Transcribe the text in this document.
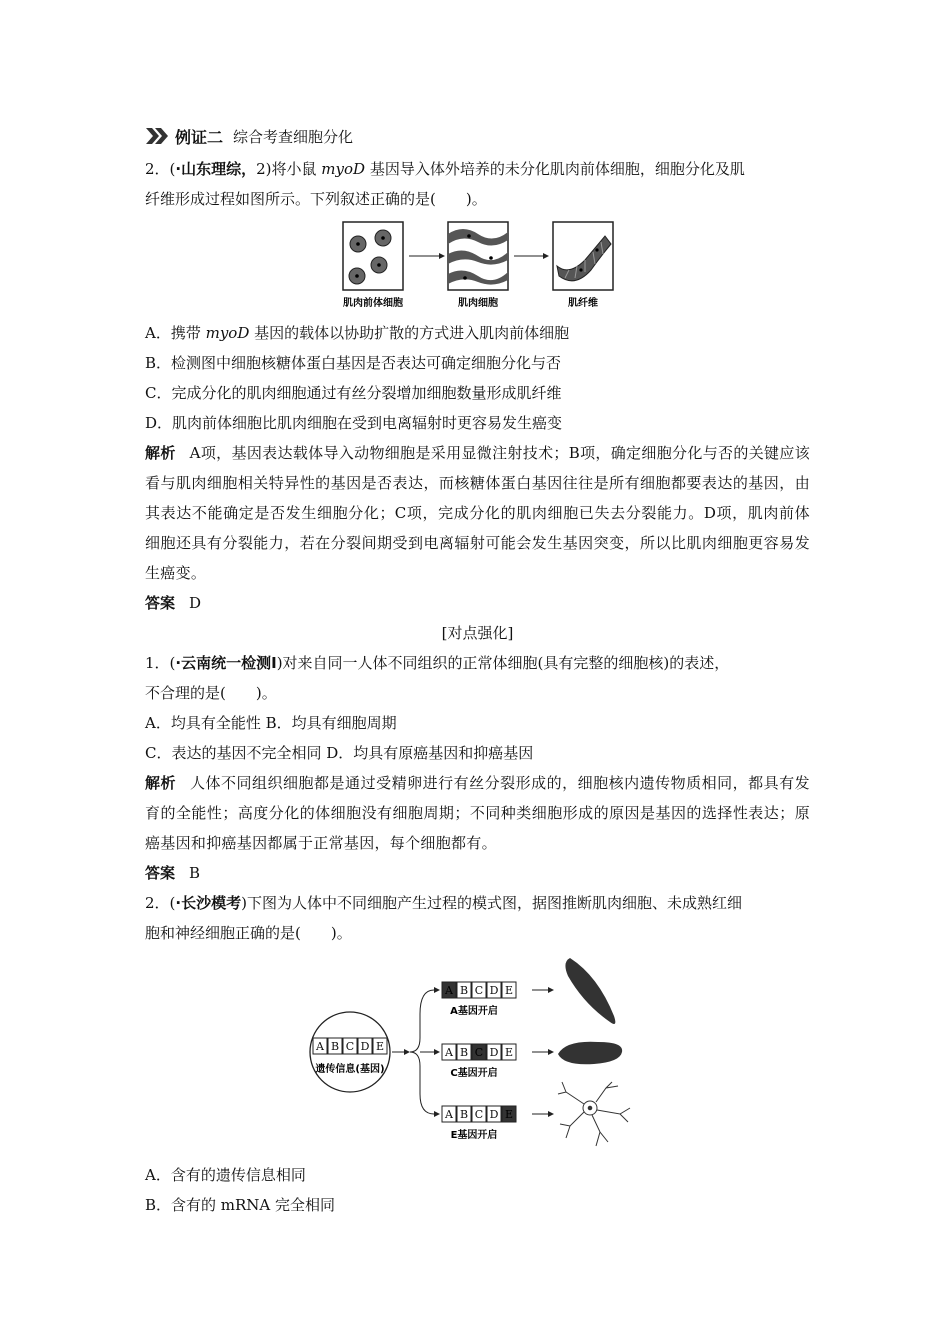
例证二 综合考查细胞分化
2．(·山东理综，2)将小鼠 myoD 基因导入体外培养的未分化肌肉前体细胞，细胞分化及肌
纤维形成过程如图所示。下列叙述正确的是(　　)。
肌肉前体细胞	肌肉细胞	肌纤维
A．携带 myoD 基因的载体以协助扩散的方式进入肌肉前体细胞
B．检测图中细胞核糖体蛋白基因是否表达可确定细胞分化与否
C．完成分化的肌肉细胞通过有丝分裂增加细胞数量形成肌纤维
D．肌肉前体细胞比肌肉细胞在受到电离辐射时更容易发生癌变
解析 A项，基因表达载体导入动物细胞是采用显微注射技术；B项，确定细胞分化与否的关键应该看与肌肉细胞相关特异性的基因是否表达，而核糖体蛋白基因往往是所有细胞都要表达的基因，由其表达不能确定是否发生细胞分化；C项，完成分化的肌肉细胞已失去分裂能力。D项，肌肉前体细胞还具有分裂能力，若在分裂间期受到电离辐射可能会发生基因突变，所以比肌肉细胞更容易发生癌变。
答案 D
[对点强化]
1．(·云南统一检测Ⅰ)对来自同一人体不同组织的正常体细胞(具有完整的细胞核)的表述，
不合理的是(　　)。
A．均具有全能性 B．均具有细胞周期
C．表达的基因不完全相同 D．均具有原癌基因和抑癌基因
解析 人体不同组织细胞都是通过受精卵进行有丝分裂形成的，细胞核内遗传物质相同，都具有发育的全能性；高度分化的体细胞没有细胞周期；不同种类细胞形成的原因是基因的选择性表达；原癌基因和抑癌基因都属于正常基因，每个细胞都有。
答案 B
2．(·长沙模考)下图为人体中不同细胞产生过程的模式图，据图推断肌肉细胞、未成熟红细
胞和神经细胞正确的是(　　)。
A B C D E
遗传信息(基因)
A B C D E
A基因开启
A B C D E
C基因开启
A B C D E
E基因开启
A．含有的遗传信息相同
B．含有的 mRNA 完全相同
